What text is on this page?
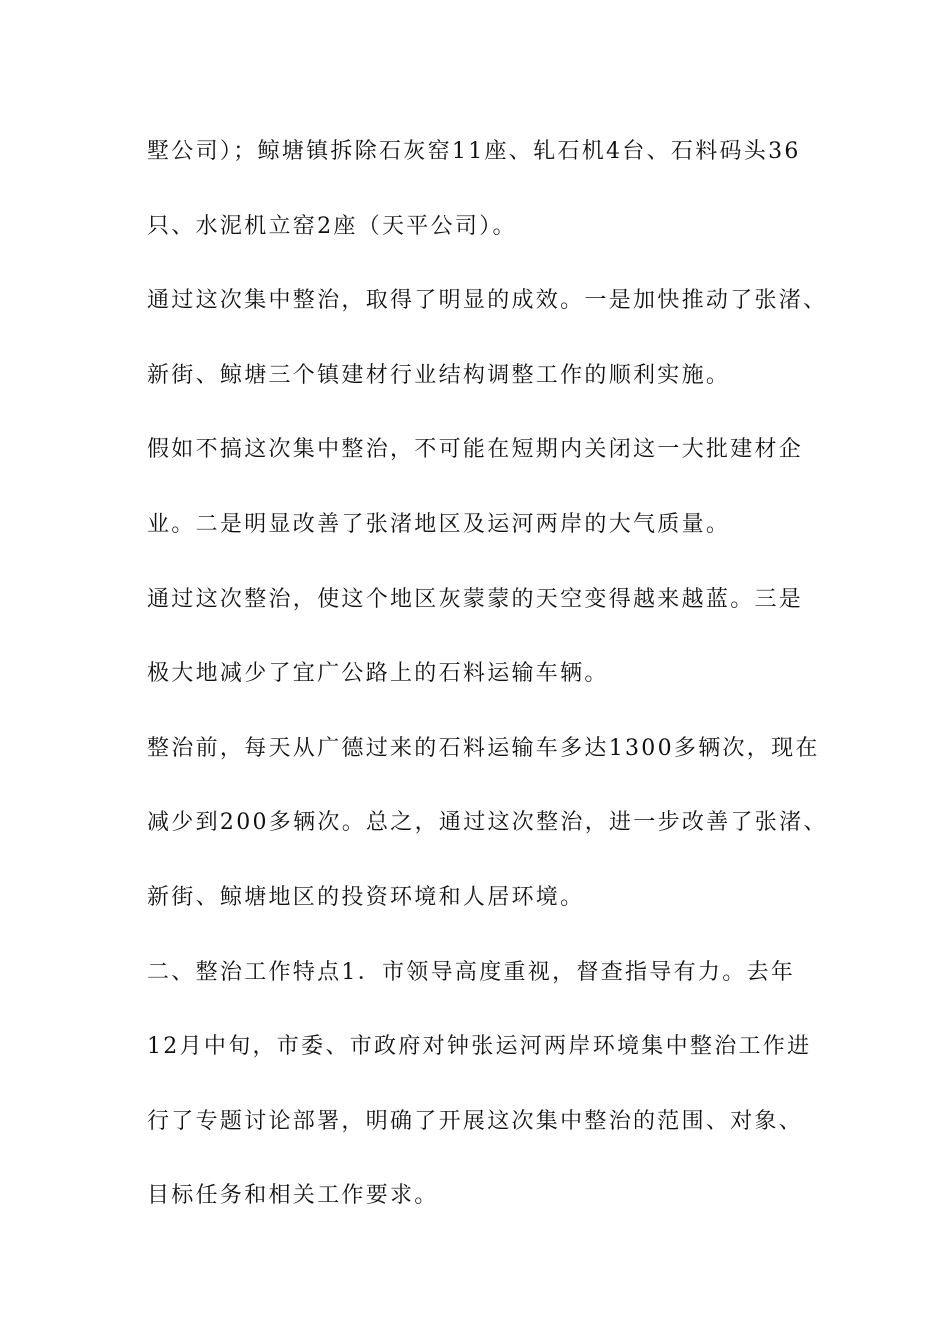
墅公司）；鲸塘镇拆除石灰窑11座、轧石机4台、石料码头36
只、水泥机立窑2座（天平公司）。
通过这次集中整治，取得了明显的成效。一是加快推动了张渚、
新街、鲸塘三个镇建材行业结构调整工作的顺利实施。
假如不搞这次集中整治，不可能在短期内关闭这一大批建材企
业。二是明显改善了张渚地区及运河两岸的大气质量。
通过这次整治，使这个地区灰蒙蒙的天空变得越来越蓝。三是
极大地减少了宜广公路上的石料运输车辆。
整治前，每天从广德过来的石料运输车多达1300多辆次，现在
减少到200多辆次。总之，通过这次整治，进一步改善了张渚、
新街、鲸塘地区的投资环境和人居环境。
二、整治工作特点1．市领导高度重视，督查指导有力。去年
12月中旬，市委、市政府对钟张运河两岸环境集中整治工作进
行了专题讨论部署，明确了开展这次集中整治的范围、对象、
目标任务和相关工作要求。
